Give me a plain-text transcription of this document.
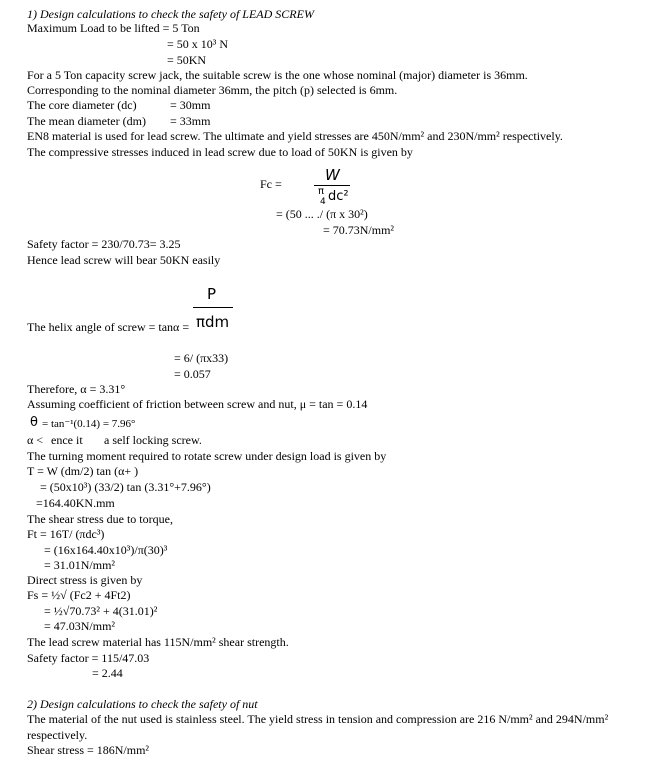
1) Design calculations to check the safety of LEAD SCREW
Maximum Load to be lifted = 5 Ton
= 50 x 10³ N
= 50KN
For a 5 Ton capacity screw jack, the suitable screw is the one whose nominal (major) diameter is 36mm.
Corresponding to the nominal diameter 36mm, the pitch (p) selected is 6mm.
The core diameter (dc)	= 30mm
The mean diameter (dm) = 33mm
EN8 material is used for lead screw. The ultimate and yield stresses are 450N/mm² and 230N/mm² respectively.
The compressive stresses induced in lead screw due to load of 50KN is given by
Fc =	W
π
4 dc²
= (50 ... ./ (π x 30²)
= 70.73N/mm²
Safety factor = 230/70.73= 3.25
Hence lead screw will bear 50KN easily
P
The helix angle of screw = tanα = πdm
= 6/ (πx33)
= 0.057
Therefore, α = 3.31°
Assuming coefficient of friction between screw and nut, μ = tan = 0.14
θ = tan⁻¹(0.14) = 7.96°
α < ence it a self locking screw.
The turning moment required to rotate screw under design load is given by
T = W (dm/2) tan (α+ )
= (50x10³) (33/2) tan (3.31°+7.96°)
=164.40KN.mm
The shear stress due to torque,
Ft = 16T/ (πdc³)
= (16x164.40x10³)/π(30)³
= 31.01N/mm²
Direct stress is given by
Fs = ½√ (Fc2 + 4Ft2)
= ½√70.73² + 4(31.01)²
= 47.03N/mm²
The lead screw material has 115N/mm² shear strength.
Safety factor = 115/47.03
= 2.44
2) Design calculations to check the safety of nut
The material of the nut used is stainless steel. The yield stress in tension and compression are 216 N/mm² and 294N/mm²
respectively.
Shear stress = 186N/mm²
